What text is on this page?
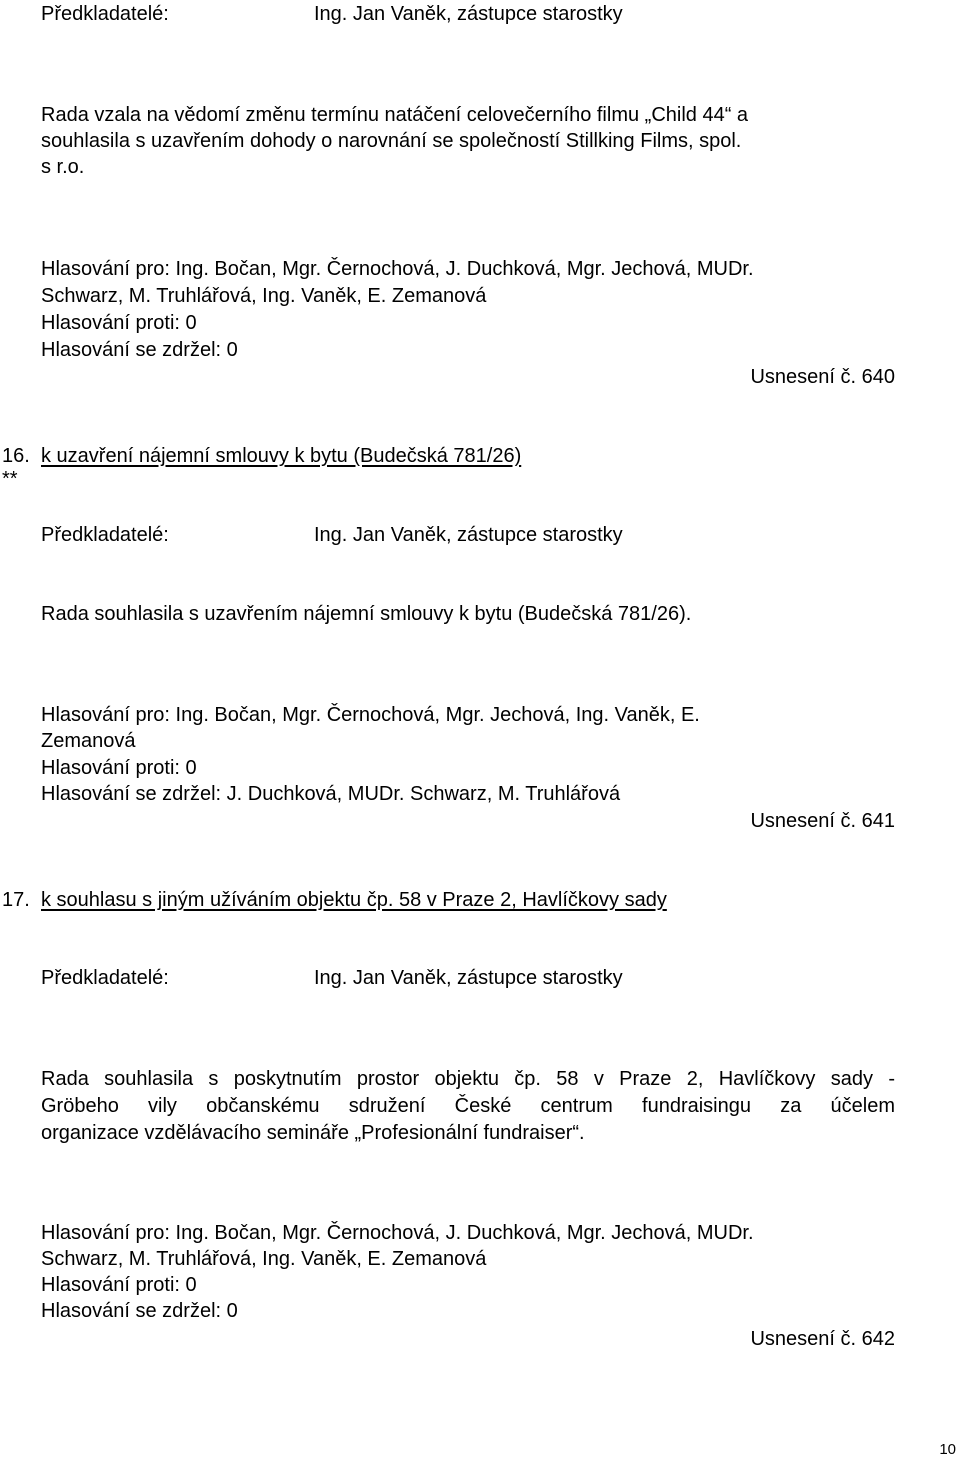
Předkladatelé:	Ing. Jan Vaněk, zástupce starostky
Rada vzala na vědomí změnu termínu natáčení celovečerního filmu „Child 44“ a
souhlasila s uzavřením dohody o narovnání se společností Stillking Films, spol.
s r.o.
Hlasování pro: Ing. Bočan, Mgr. Černochová, J. Duchková, Mgr. Jechová, MUDr.
Schwarz, M. Truhlářová, Ing. Vaněk, E. Zemanová
Hlasování proti: 0
Hlasování se zdržel: 0
Usnesení č. 640
16. k uzavření nájemní smlouvy k bytu (Budečská 781/26)
**
Předkladatelé:	Ing. Jan Vaněk, zástupce starostky
Rada souhlasila s uzavřením nájemní smlouvy k bytu (Budečská 781/26).
Hlasování pro: Ing. Bočan, Mgr. Černochová, Mgr. Jechová, Ing. Vaněk, E.
Zemanová
Hlasování proti: 0
Hlasování se zdržel: J. Duchková, MUDr. Schwarz, M. Truhlářová
Usnesení č. 641
17. k souhlasu s jiným užíváním objektu čp. 58 v Praze 2, Havlíčkovy sady
Předkladatelé:	Ing. Jan Vaněk, zástupce starostky
Rada souhlasila s poskytnutím prostor objektu čp. 58 v Praze 2, Havlíčkovy sady -
Gröbeho vily občanskému sdružení České centrum fundraisingu za účelem
organizace vzdělávacího semináře „Profesionální fundraiser“.
Hlasování pro: Ing. Bočan, Mgr. Černochová, J. Duchková, Mgr. Jechová, MUDr.
Schwarz, M. Truhlářová, Ing. Vaněk, E. Zemanová
Hlasování proti: 0
Hlasování se zdržel: 0
Usnesení č. 642
10
